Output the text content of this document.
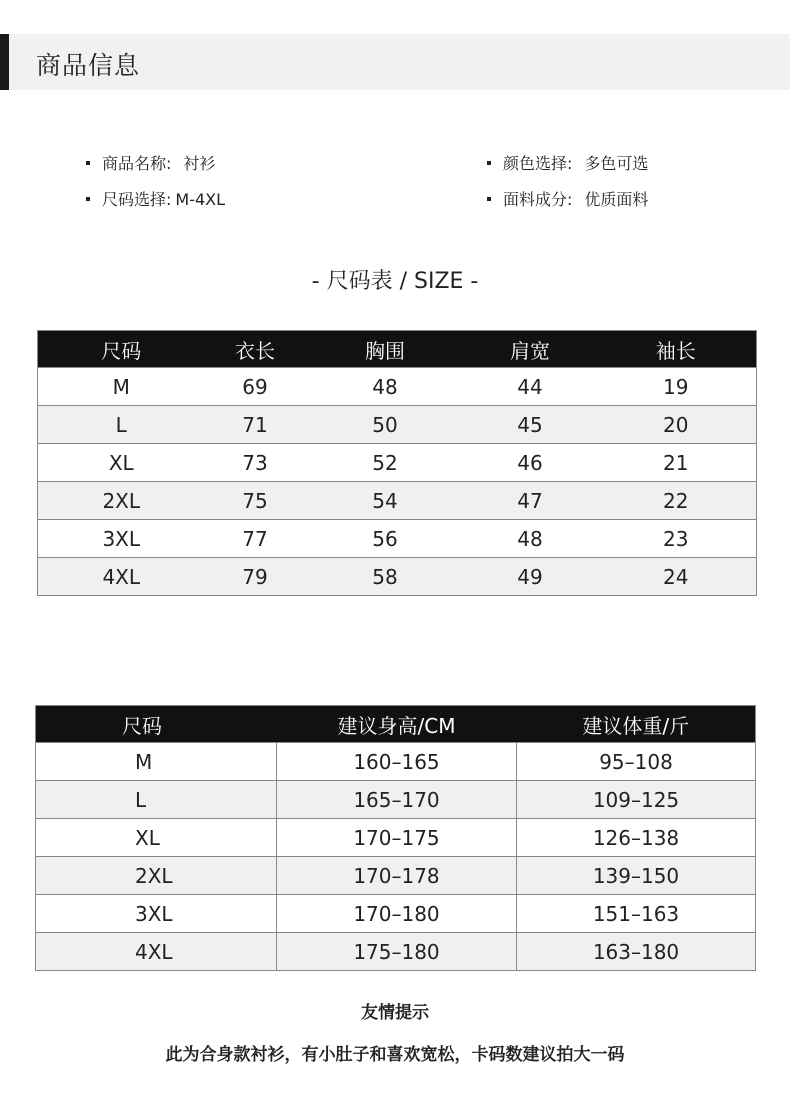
商品信息
商品名称: 衬衫
尺码选择: M-4XL
颜色选择: 多色可选
面料成分: 优质面料
- 尺码表 / SIZE -
尺码	衣长	胸围	肩宽	袖长
M	69	48	44	19
L	71	50	45	20
XL	73	52	46	21
2XL	75	54	47	22
3XL	77	56	48	23
4XL	79	58	49	24
尺码	建议身高/CM	建议体重/斤
M	160–165	95–108
L	165–170	109–125
XL	170–175	126–138
2XL	170–178	139–150
3XL	170–180	151–163
4XL	175–180	163–180
友情提示
此为合身款衬衫，有小肚子和喜欢宽松，卡码数建议拍大一码
